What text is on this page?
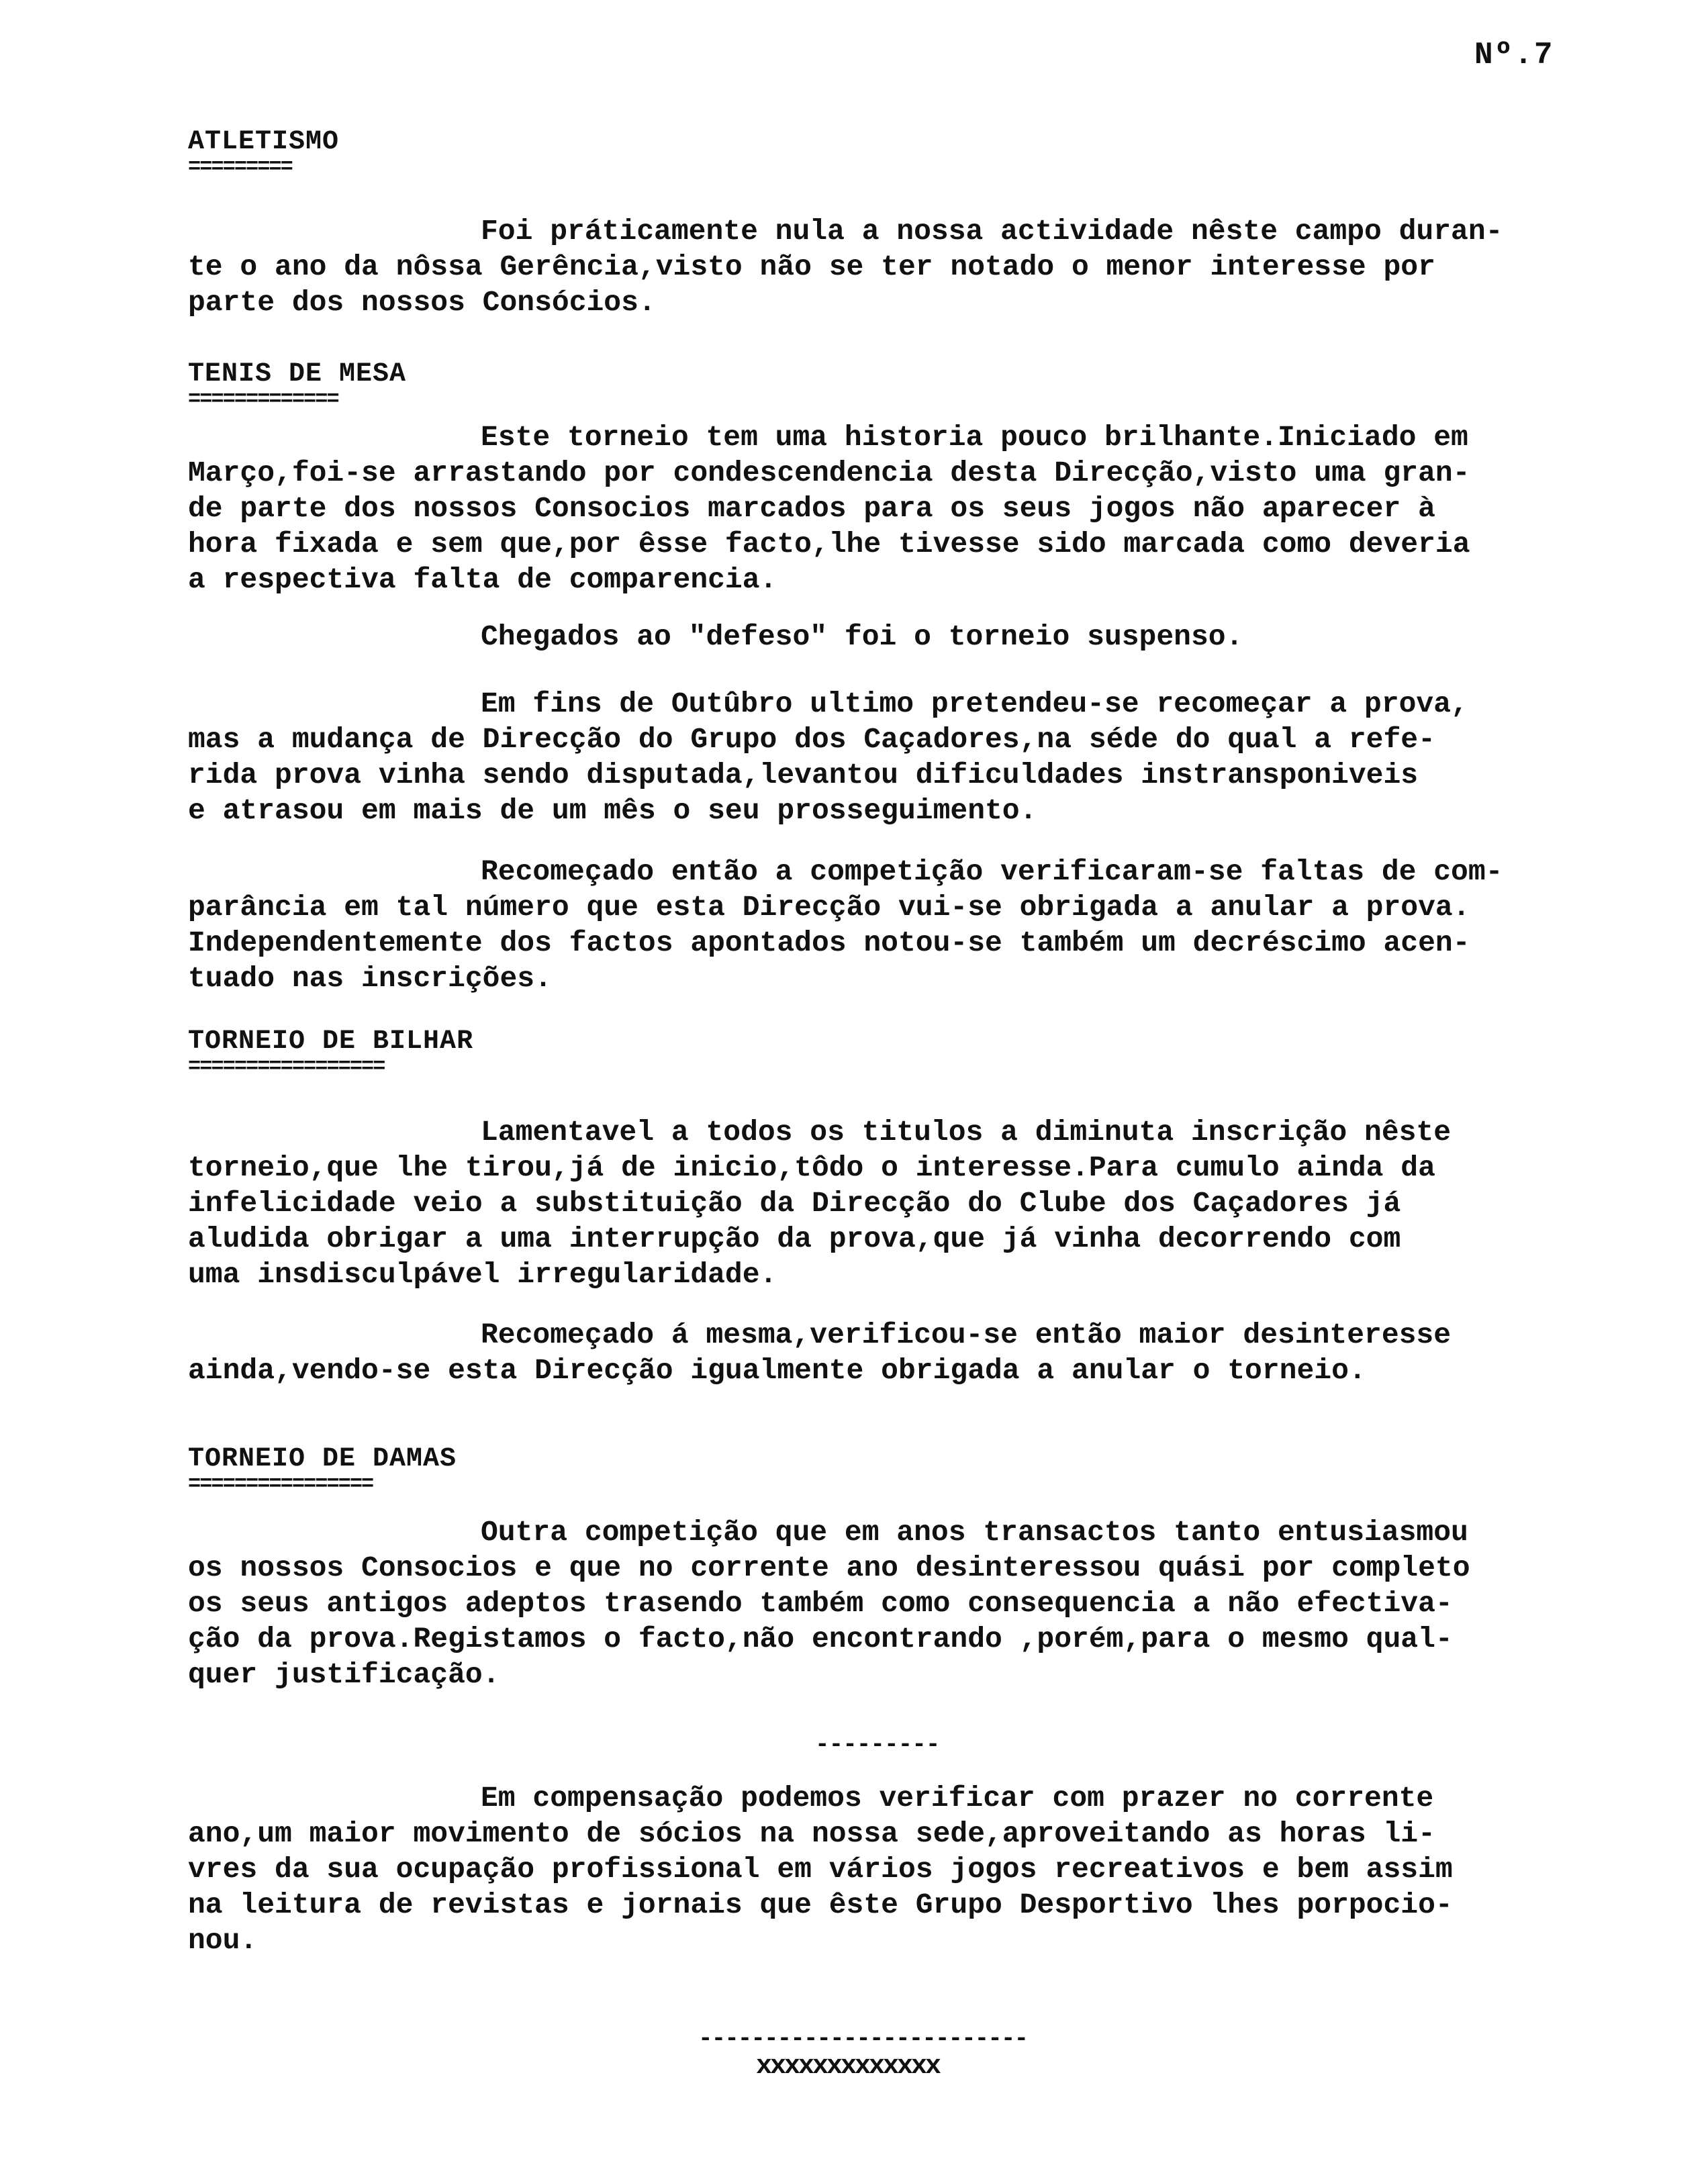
Nº.7
ATLETISMO
=========

Foi práticamente nula a nossa actividade nêste campo duran-
te o ano da nôssa Gerência,visto não se ter notado o menor interesse por
parte dos nossos Consócios.

TENIS DE MESA
=============

Este torneio tem uma historia pouco brilhante.Iniciado em
Março,foi-se arrastando por condescendencia desta Direcção,visto uma gran-
de parte dos nossos Consocios marcados para os seus jogos não aparecer à
hora fixada e sem que,por êsse facto,lhe tivesse sido marcada como deveria
a respectiva falta de comparencia.

Chegados ao "defeso" foi o torneio suspenso.

Em fins de Outûbro ultimo pretendeu-se recomeçar a prova,
mas a mudança de Direcção do Grupo dos Caçadores,na séde do qual a refe-
rida prova vinha sendo disputada,levantou dificuldades instransponiveis
e atrasou em mais de um mês o seu prosseguimento.

Recomeçado então a competição verificaram-se faltas de com-
parância em tal número que esta Direcção vui-se obrigada a anular a prova.
Independentemente dos factos apontados notou-se também um decréscimo acen-
tuado nas inscrições.

TORNEIO DE BILHAR
=================

Lamentavel a todos os titulos a diminuta inscrição nêste
torneio,que lhe tirou,já de inicio,tôdo o interesse.Para cumulo ainda da
infelicidade veio a substituição da Direcção do Clube dos Caçadores já
aludida obrigar a uma interrupção da prova,que já vinha decorrendo com
uma insdisculpável irregularidade.

Recomeçado á mesma,verificou-se então maior desinteresse
ainda,vendo-se esta Direcção igualmente obrigada a anular o torneio.

TORNEIO DE DAMAS
================

Outra competição que em anos transactos tanto entusiasmou
os nossos Consocios e que no corrente ano desinteressou quási por completo
os seus antigos adeptos trasendo também como consequencia a não efectiva-
ção da prova.Registamos o facto,não encontrando ,porém,para o mesmo qual-
quer justificação.

---------

Em compensação podemos verificar com prazer no corrente
ano,um maior movimento de sócios na nossa sede,aproveitando as horas li-
vres da sua ocupação profissional em vários jogos recreativos e bem assim
na leitura de revistas e jornais que êste Grupo Desportivo lhes porpocio-
nou.

-------------------------
xxxxxxxxxxxxx
